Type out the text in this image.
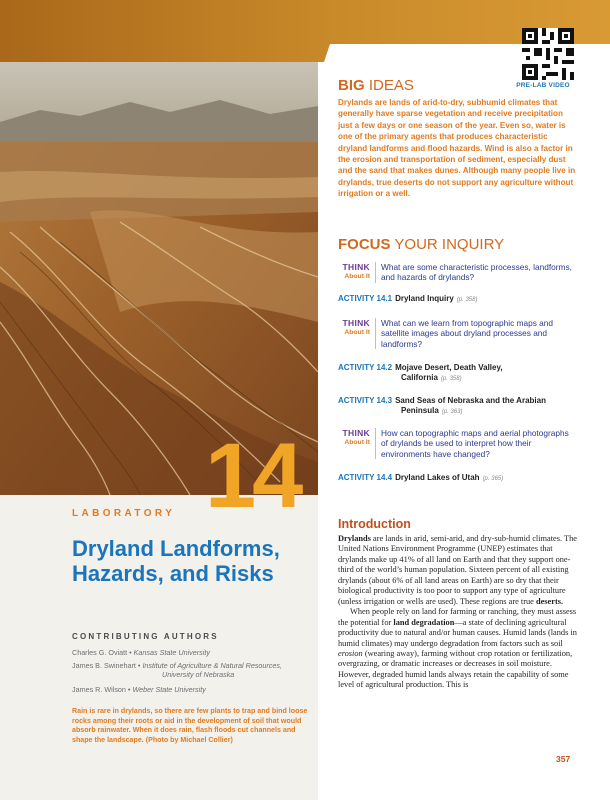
PRE-LAB VIDEO
BIG IDEAS
Drylands are lands of arid-to-dry, subhumid climates that generally have sparse vegetation and receive precipitation just a few days or one season of the year. Even so, water is one of the primary agents that produces characteristic dryland landforms and flood hazards. Wind is also a factor in the erosion and transportation of sediment, especially dust and the sand that makes dunes. Although many people live in drylands, true deserts do not support any agriculture without irrigation or a well.
FOCUS YOUR INQUIRY
THINK
About It
What are some characteristic processes, landforms, and hazards of drylands?
ACTIVITY 14.1 Dryland Inquiry (p. 358)
THINK
About It
What can we learn from topographic maps and satellite images about dryland processes and landforms?
ACTIVITY 14.2 Mojave Desert, Death Valley,
California (p. 358)
ACTIVITY 14.3 Sand Seas of Nebraska and the Arabian
Peninsula (p. 363)
THINK
About It
How can topographic maps and aerial photographs of drylands be used to interpret how their environments have changed?
ACTIVITY 14.4 Dryland Lakes of Utah (p. 365)
14
LABORATORY
Dryland Landforms, Hazards, and Risks
CONTRIBUTING AUTHORS
Charles G. Oviatt • Kansas State University
James B. Swinehart • Institute of Agriculture & Natural Resources,
University of Nebraska
James R. Wilson • Weber State University
Rain is rare in drylands, so there are few plants to trap and bind loose rocks among their roots or aid in the development of soil that would absorb rainwater. When it does rain, flash floods cut channels and shape the landscape. (Photo by Michael Collier)
Introduction

Drylands are lands in arid, semi-arid, and dry-sub-humid climates. The United Nations Environment Programme (UNEP) estimates that drylands make up 41% of all land on Earth and that they support one-third of the world’s human population. Sixteen percent of all existing drylands (about 6% of all land areas on Earth) are so dry that their biological productivity is too poor to support any type of agriculture (unless irrigation or wells are used). These regions are true deserts.

When people rely on land for farming or ranching, they must assess the potential for land degradation—a state of declining agricultural productivity due to natural and/or human causes. Humid lands (lands in humid climates) may undergo degradation from factors such as soil erosion (wearing away), farming without crop rotation or fertilization, overgrazing, or dramatic increases or decreases in soil moisture. However, degraded humid lands always retain the capability of some level of agricultural production. This is

357
